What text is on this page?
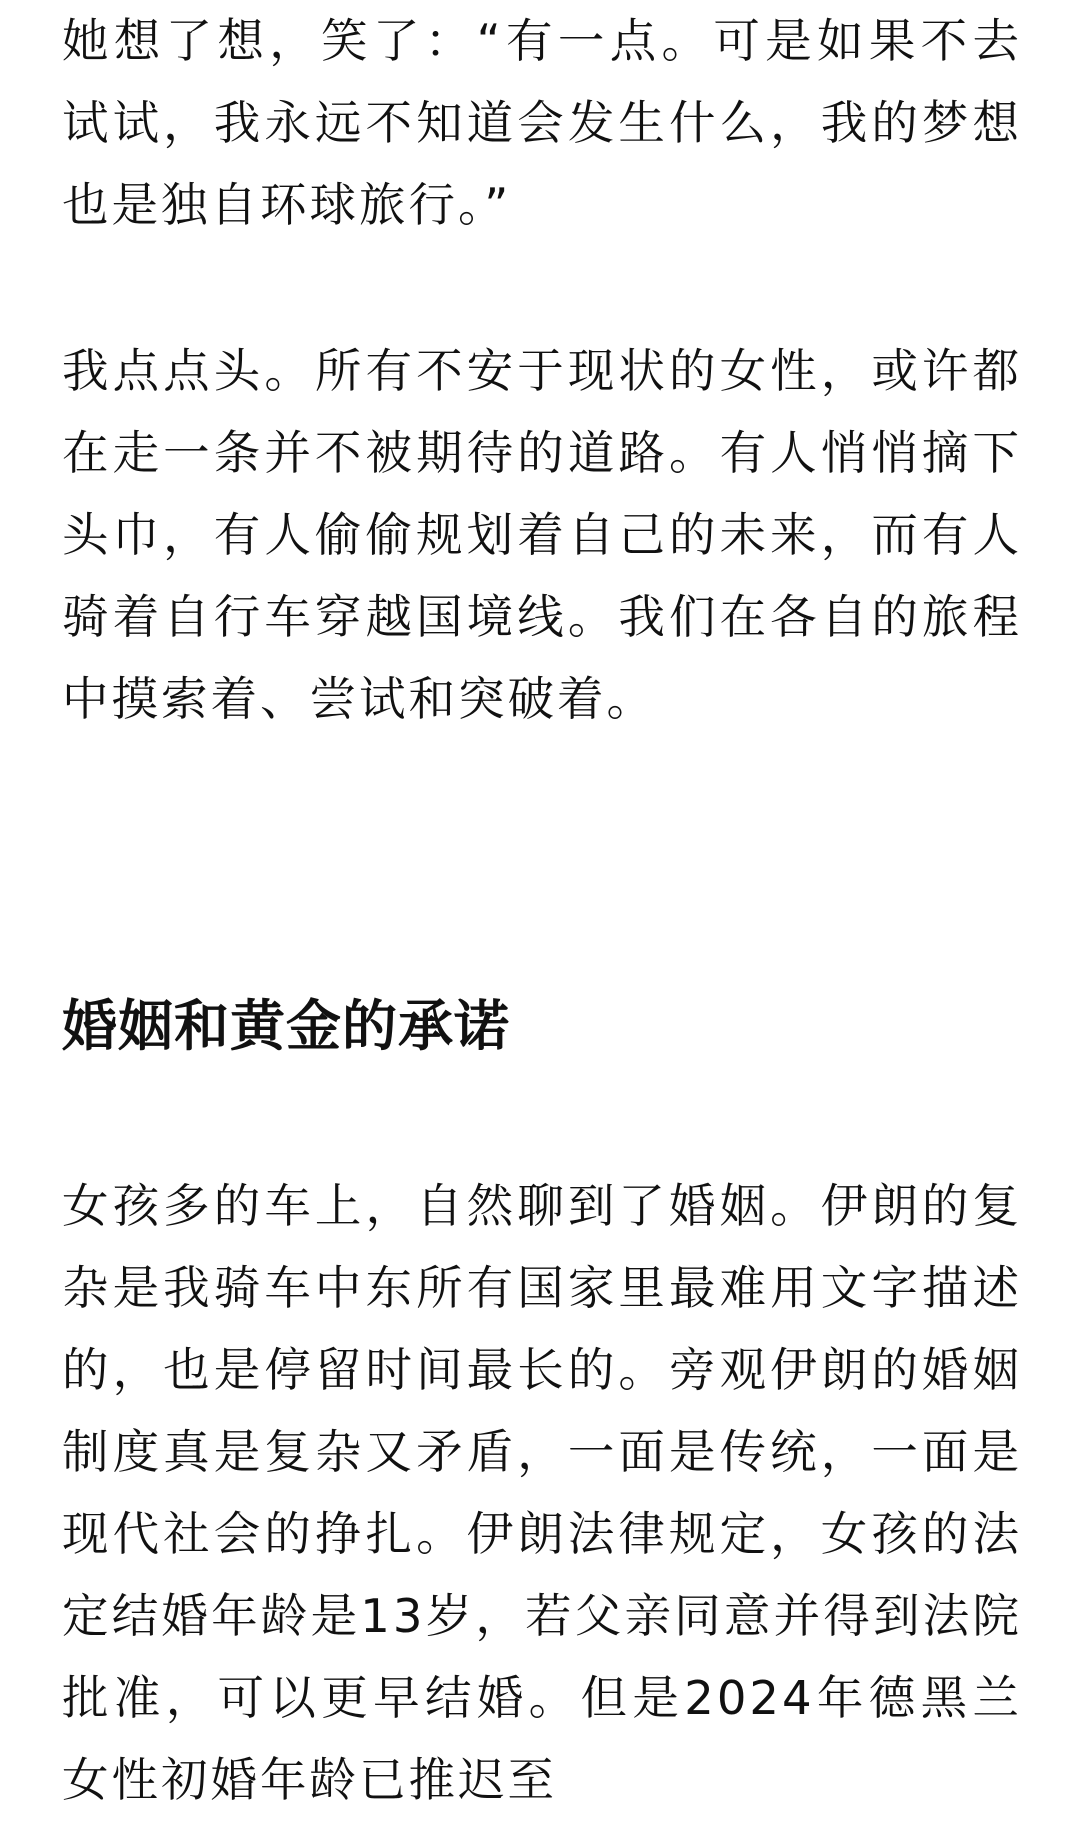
她想了想，笑了：“有一点。可是如果不去试试，我永远不知道会发生什么，我的梦想也是独自环球旅行。”

我点点头。所有不安于现状的女性，或许都在走一条并不被期待的道路。有人悄悄摘下头巾，有人偷偷规划着自己的未来，而有人骑着自行车穿越国境线。我们在各自的旅程中摸索着、尝试和突破着。

婚姻和黄金的承诺

女孩多的车上，自然聊到了婚姻。伊朗的复杂是我骑车中东所有国家里最难用文字描述的，也是停留时间最长的。旁观伊朗的婚姻制度真是复杂又矛盾，一面是传统，一面是现代社会的挣扎。伊朗法律规定，女孩的法定结婚年龄是13岁，若父亲同意并得到法院批准，可以更早结婚。但是2024年德黑兰女性初婚年龄已推迟至
